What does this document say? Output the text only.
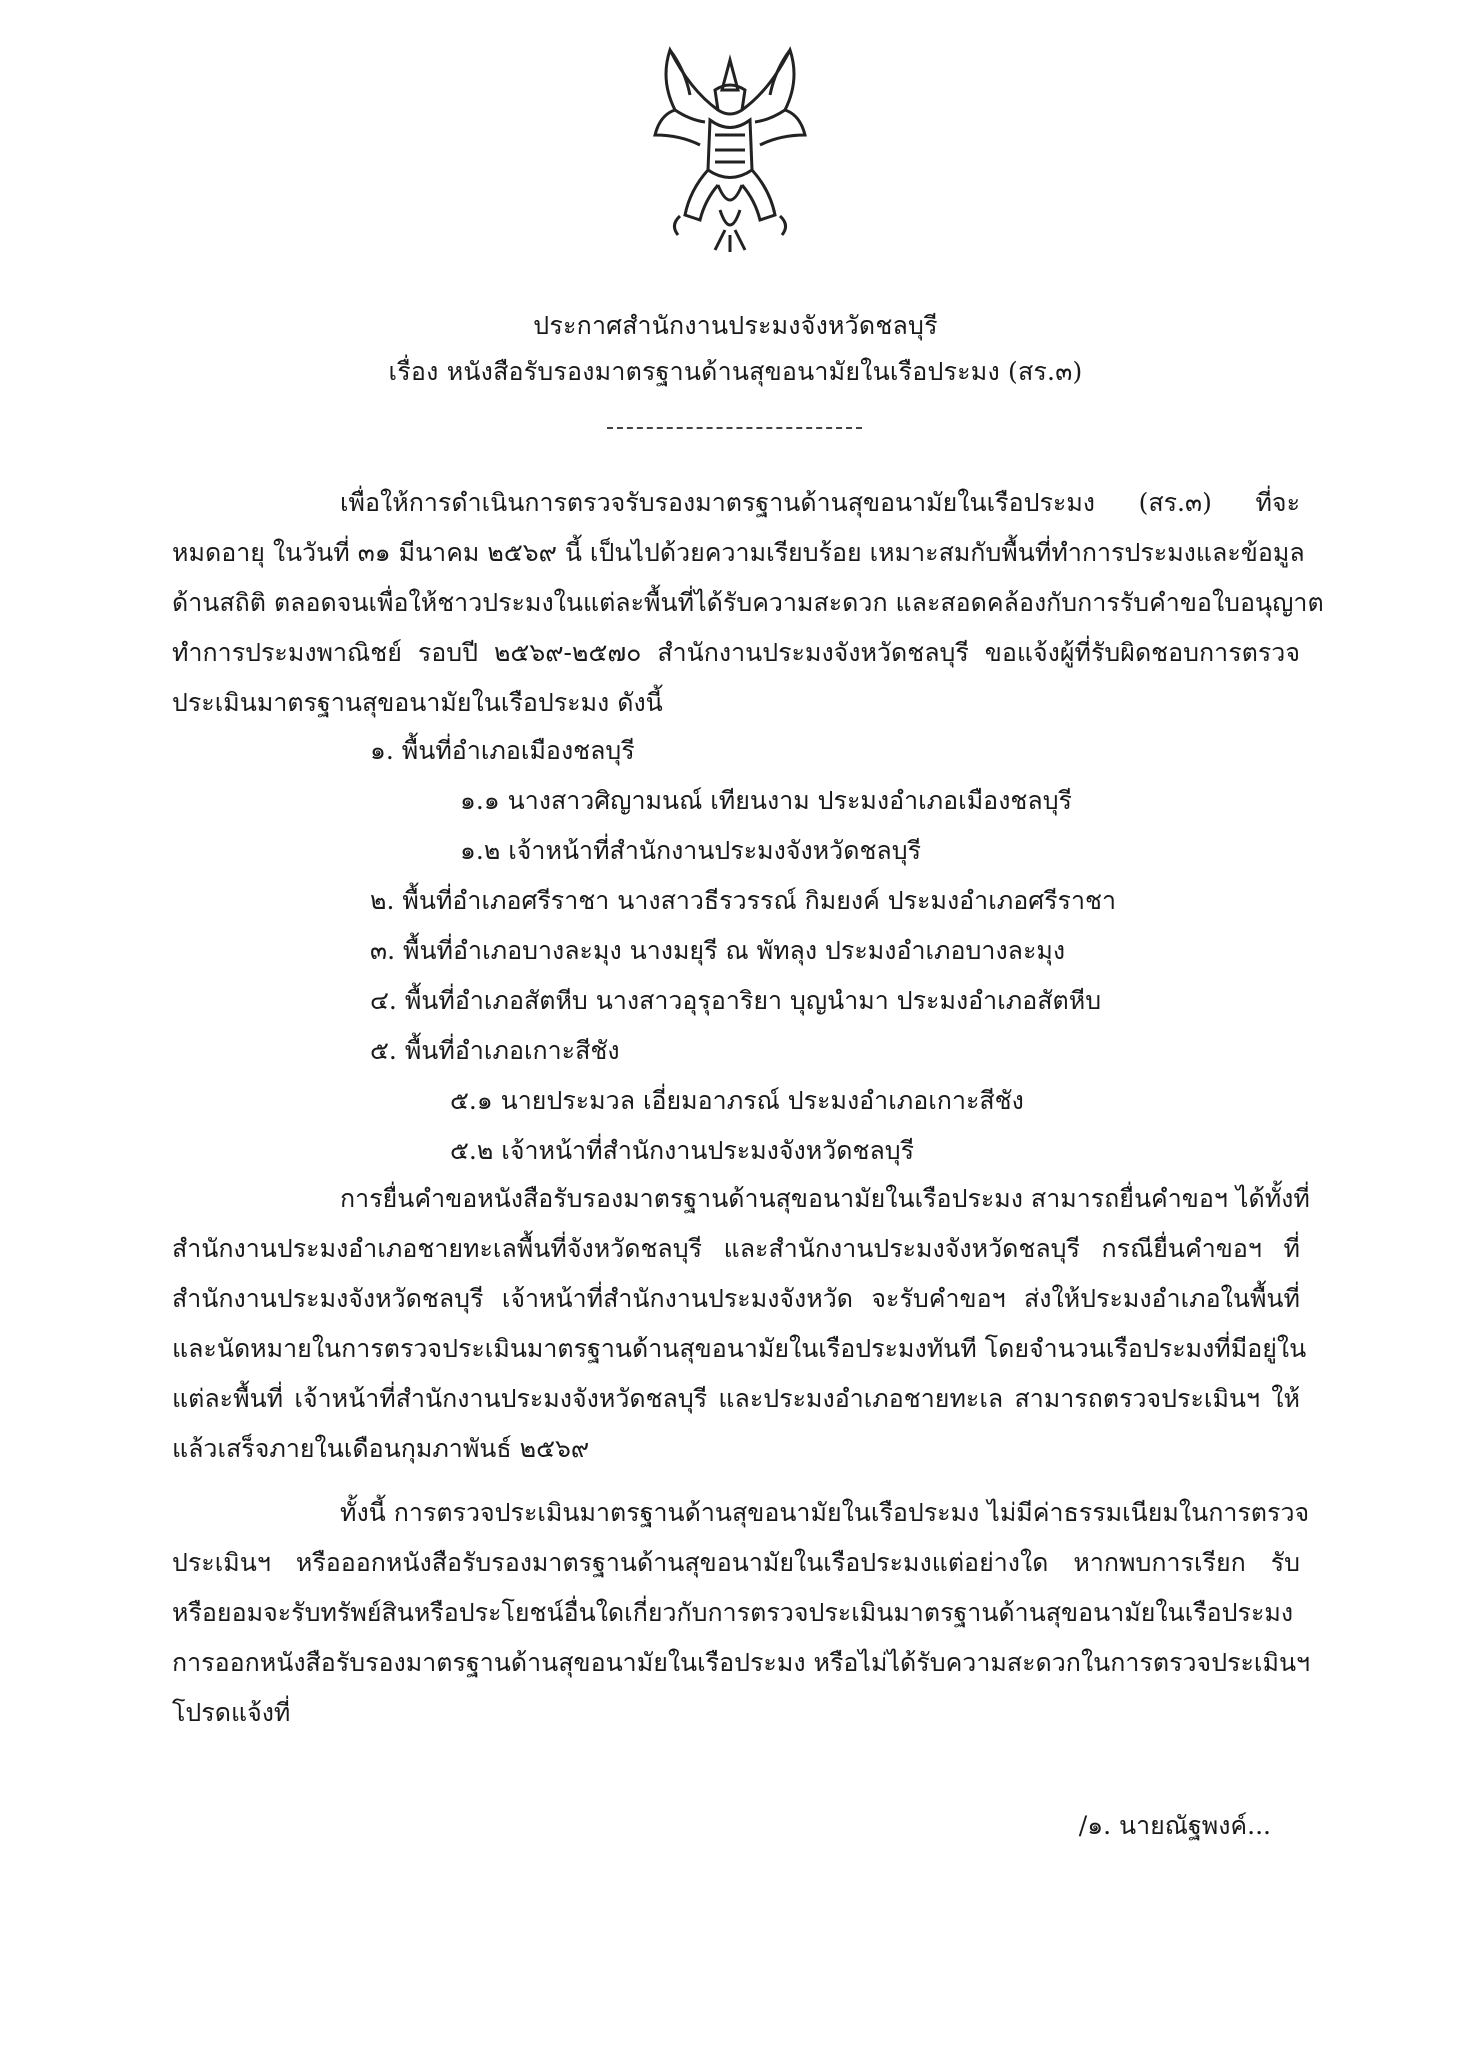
ประกาศสำนักงานประมงจังหวัดชลบุรี
เรื่อง หนังสือรับรองมาตรฐานด้านสุขอนามัยในเรือประมง (สร.๓)
เพื่อให้การดำเนินการตรวจรับรองมาตรฐานด้านสุขอนามัยในเรือประมง (สร.๓) ที่จะ
หมดอายุ ในวันที่ ๓๑ มีนาคม ๒๕๖๙ นี้ เป็นไปด้วยความเรียบร้อย เหมาะสมกับพื้นที่ทำการประมงและข้อมูล
ด้านสถิติ ตลอดจนเพื่อให้ชาวประมงในแต่ละพื้นที่ได้รับความสะดวก และสอดคล้องกับการรับคำขอใบอนุญาต
ทำการประมงพาณิชย์ รอบปี ๒๕๖๙-๒๕๗๐ สำนักงานประมงจังหวัดชลบุรี ขอแจ้งผู้ที่รับผิดชอบการตรวจ
ประเมินมาตรฐานสุขอนามัยในเรือประมง ดังนี้
๑. พื้นที่อำเภอเมืองชลบุรี
๑.๑ นางสาวศิญามนณ์ เทียนงาม ประมงอำเภอเมืองชลบุรี
๑.๒ เจ้าหน้าที่สำนักงานประมงจังหวัดชลบุรี
๒. พื้นที่อำเภอศรีราชา นางสาวธีรวรรณ์ กิมยงค์ ประมงอำเภอศรีราชา
๓. พื้นที่อำเภอบางละมุง นางมยุรี ณ พัทลุง ประมงอำเภอบางละมุง
๔. พื้นที่อำเภอสัตหีบ นางสาวอุรุอาริยา บุญนำมา ประมงอำเภอสัตหีบ
๕. พื้นที่อำเภอเกาะสีชัง
๕.๑ นายประมวล เอี่ยมอาภรณ์ ประมงอำเภอเกาะสีชัง
๕.๒ เจ้าหน้าที่สำนักงานประมงจังหวัดชลบุรี
การยื่นคำขอหนังสือรับรองมาตรฐานด้านสุขอนามัยในเรือประมง สามารถยื่นคำขอฯ ได้ทั้งที่
สำนักงานประมงอำเภอชายทะเลพื้นที่จังหวัดชลบุรี และสำนักงานประมงจังหวัดชลบุรี กรณียื่นคำขอฯ ที่
สำนักงานประมงจังหวัดชลบุรี เจ้าหน้าที่สำนักงานประมงจังหวัด จะรับคำขอฯ ส่งให้ประมงอำเภอในพื้นที่
และนัดหมายในการตรวจประเมินมาตรฐานด้านสุขอนามัยในเรือประมงทันที โดยจำนวนเรือประมงที่มีอยู่ใน
แต่ละพื้นที่ เจ้าหน้าที่สำนักงานประมงจังหวัดชลบุรี และประมงอำเภอชายทะเล สามารถตรวจประเมินฯ ให้
แล้วเสร็จภายในเดือนกุมภาพันธ์ ๒๕๖๙
ทั้งนี้ การตรวจประเมินมาตรฐานด้านสุขอนามัยในเรือประมง ไม่มีค่าธรรมเนียมในการตรวจ
ประเมินฯ หรือออกหนังสือรับรองมาตรฐานด้านสุขอนามัยในเรือประมงแต่อย่างใด หากพบการเรียก รับ
หรือยอมจะรับทรัพย์สินหรือประโยชน์อื่นใดเกี่ยวกับการตรวจประเมินมาตรฐานด้านสุขอนามัยในเรือประมง
การออกหนังสือรับรองมาตรฐานด้านสุขอนามัยในเรือประมง หรือไม่ได้รับความสะดวกในการตรวจประเมินฯ
โปรดแจ้งที่
/๑. นายณัฐพงค์...
